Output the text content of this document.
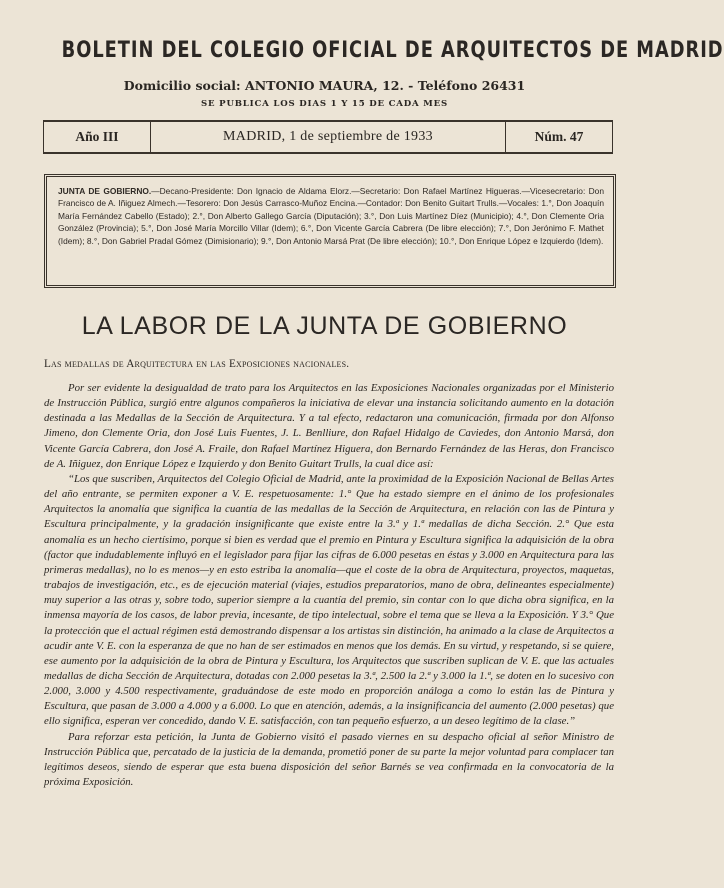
BOLETIN DEL COLEGIO OFICIAL DE ARQUITECTOS DE MADRID
Domicilio social: ANTONIO MAURA, 12. - Teléfono 26431
SE PUBLICA LOS DIAS 1 Y 15 DE CADA MES
Año III	MADRID, 1 de septiembre de 1933	Núm. 47
JUNTA DE GOBIERNO.—Decano-Presidente: Don Ignacio de Aldama Elorz.—Secretario: Don Rafael Martínez Higueras.—Vicesecretario: Don Francisco de A. Iñiguez Almech.—Tesorero: Don Jesús Carrasco-Muñoz Encina.—Contador: Don Benito Guitart Trulls.—Vocales: 1.°, Don Joaquín María Fernández Cabello (Estado); 2.°, Don Alberto Gallego García (Diputación); 3.°, Don Luis Martínez Díez (Municipio); 4.°, Don Clemente Oria González (Provincia); 5.°, Don José María Morcillo Villar (Idem); 6.°, Don Vicente García Cabrera (De libre elección); 7.°, Don Jerónimo F. Mathet (Idem); 8.°, Don Gabriel Pradal Gómez (Dimisionario); 9.°, Don Antonio Marsá Prat (De libre elección); 10.°, Don Enrique López e Izquierdo (Idem).
LA LABOR DE LA JUNTA DE GOBIERNO
Las medallas de Arquitectura en las Exposiciones nacionales.

Por ser evidente la desigualdad de trato para los Arquitectos en las Exposiciones Nacionales organizadas por el Ministerio de Instrucción Pública, surgió entre algunos compañeros la iniciativa de elevar una instancia solicitando aumento en la dotación destinada a las Medallas de la Sección de Arquitectura. Y a tal efecto, redactaron una comunicación, firmada por don Alfonso Jimeno, don Clemente Oria, don José Luis Fuentes, J. L. Benlliure, don Rafael Hidalgo de Caviedes, don Antonio Marsá, don Vicente García Cabrera, don José A. Fraile, don Rafael Martínez Higuera, don Bernardo Fernández de las Heras, don Francisco de A. Iñiguez, don Enrique López e Izquierdo y don Benito Guitart Trulls, la cual dice así:

“Los que suscriben, Arquitectos del Colegio Oficial de Madrid, ante la proximidad de la Exposición Nacional de Bellas Artes del año entrante, se permiten exponer a V. E. respetuosamente: 1.° Que ha estado siempre en el ánimo de los profesionales Arquitectos la anomalía que significa la cuantía de las medallas de la Sección de Arquitectura, en relación con las de Pintura y Escultura principalmente, y la gradación insignificante que existe entre la 3.ª y 1.ª medallas de dicha Sección. 2.° Que esta anomalía es un hecho ciertísimo, porque si bien es verdad que el premio en Pintura y Escultura significa la adquisición de la obra (factor que indudablemente influyó en el legislador para fijar las cifras de 6.000 pesetas en éstas y 3.000 en Arquitectura para las primeras medallas), no lo es menos—y en esto estriba la anomalía—que el coste de la obra de Arquitectura, proyectos, maquetas, trabajos de investigación, etc., es de ejecución material (viajes, estudios preparatorios, mano de obra, delineantes especialmente) muy superior a las otras y, sobre todo, superior siempre a la cuantía del premio, sin contar con lo que dicha obra significa, en la inmensa mayoría de los casos, de labor previa, incesante, de tipo intelectual, sobre el tema que se lleva a la Exposición. Y 3.° Que la protección que el actual régimen está demostrando dispensar a los artistas sin distinción, ha animado a la clase de Arquitectos a acudir ante V. E. con la esperanza de que no han de ser estimados en menos que los demás. En su virtud, y respetando, si se quiere, ese aumento por la adquisición de la obra de Pintura y Escultura, los Arquitectos que suscriben suplican de V. E. que las actuales medallas de dicha Sección de Arquitectura, dotadas con 2.000 pesetas la 3.ª, 2.500 la 2.ª y 3.000 la 1.ª, se doten en lo sucesivo con 2.000, 3.000 y 4.500 respectivamente, graduándose de este modo en proporción análoga a como lo están las de Pintura y Escultura, que pasan de 3.000 a 4.000 y a 6.000. Lo que en atención, además, a la insignificancia del aumento (2.000 pesetas) que ello significa, esperan ver concedido, dando V. E. satisfacción, con tan pequeño esfuerzo, a un deseo legítimo de la clase.”

Para reforzar esta petición, la Junta de Gobierno visitó el pasado viernes en su despacho oficial al señor Ministro de Instrucción Pública que, percatado de la justicia de la demanda, prometió poner de su parte la mejor voluntad para complacer tan legítimos deseos, siendo de esperar que esta buena disposición del señor Barnés se vea confirmada en la convocatoria de la próxima Exposición.
